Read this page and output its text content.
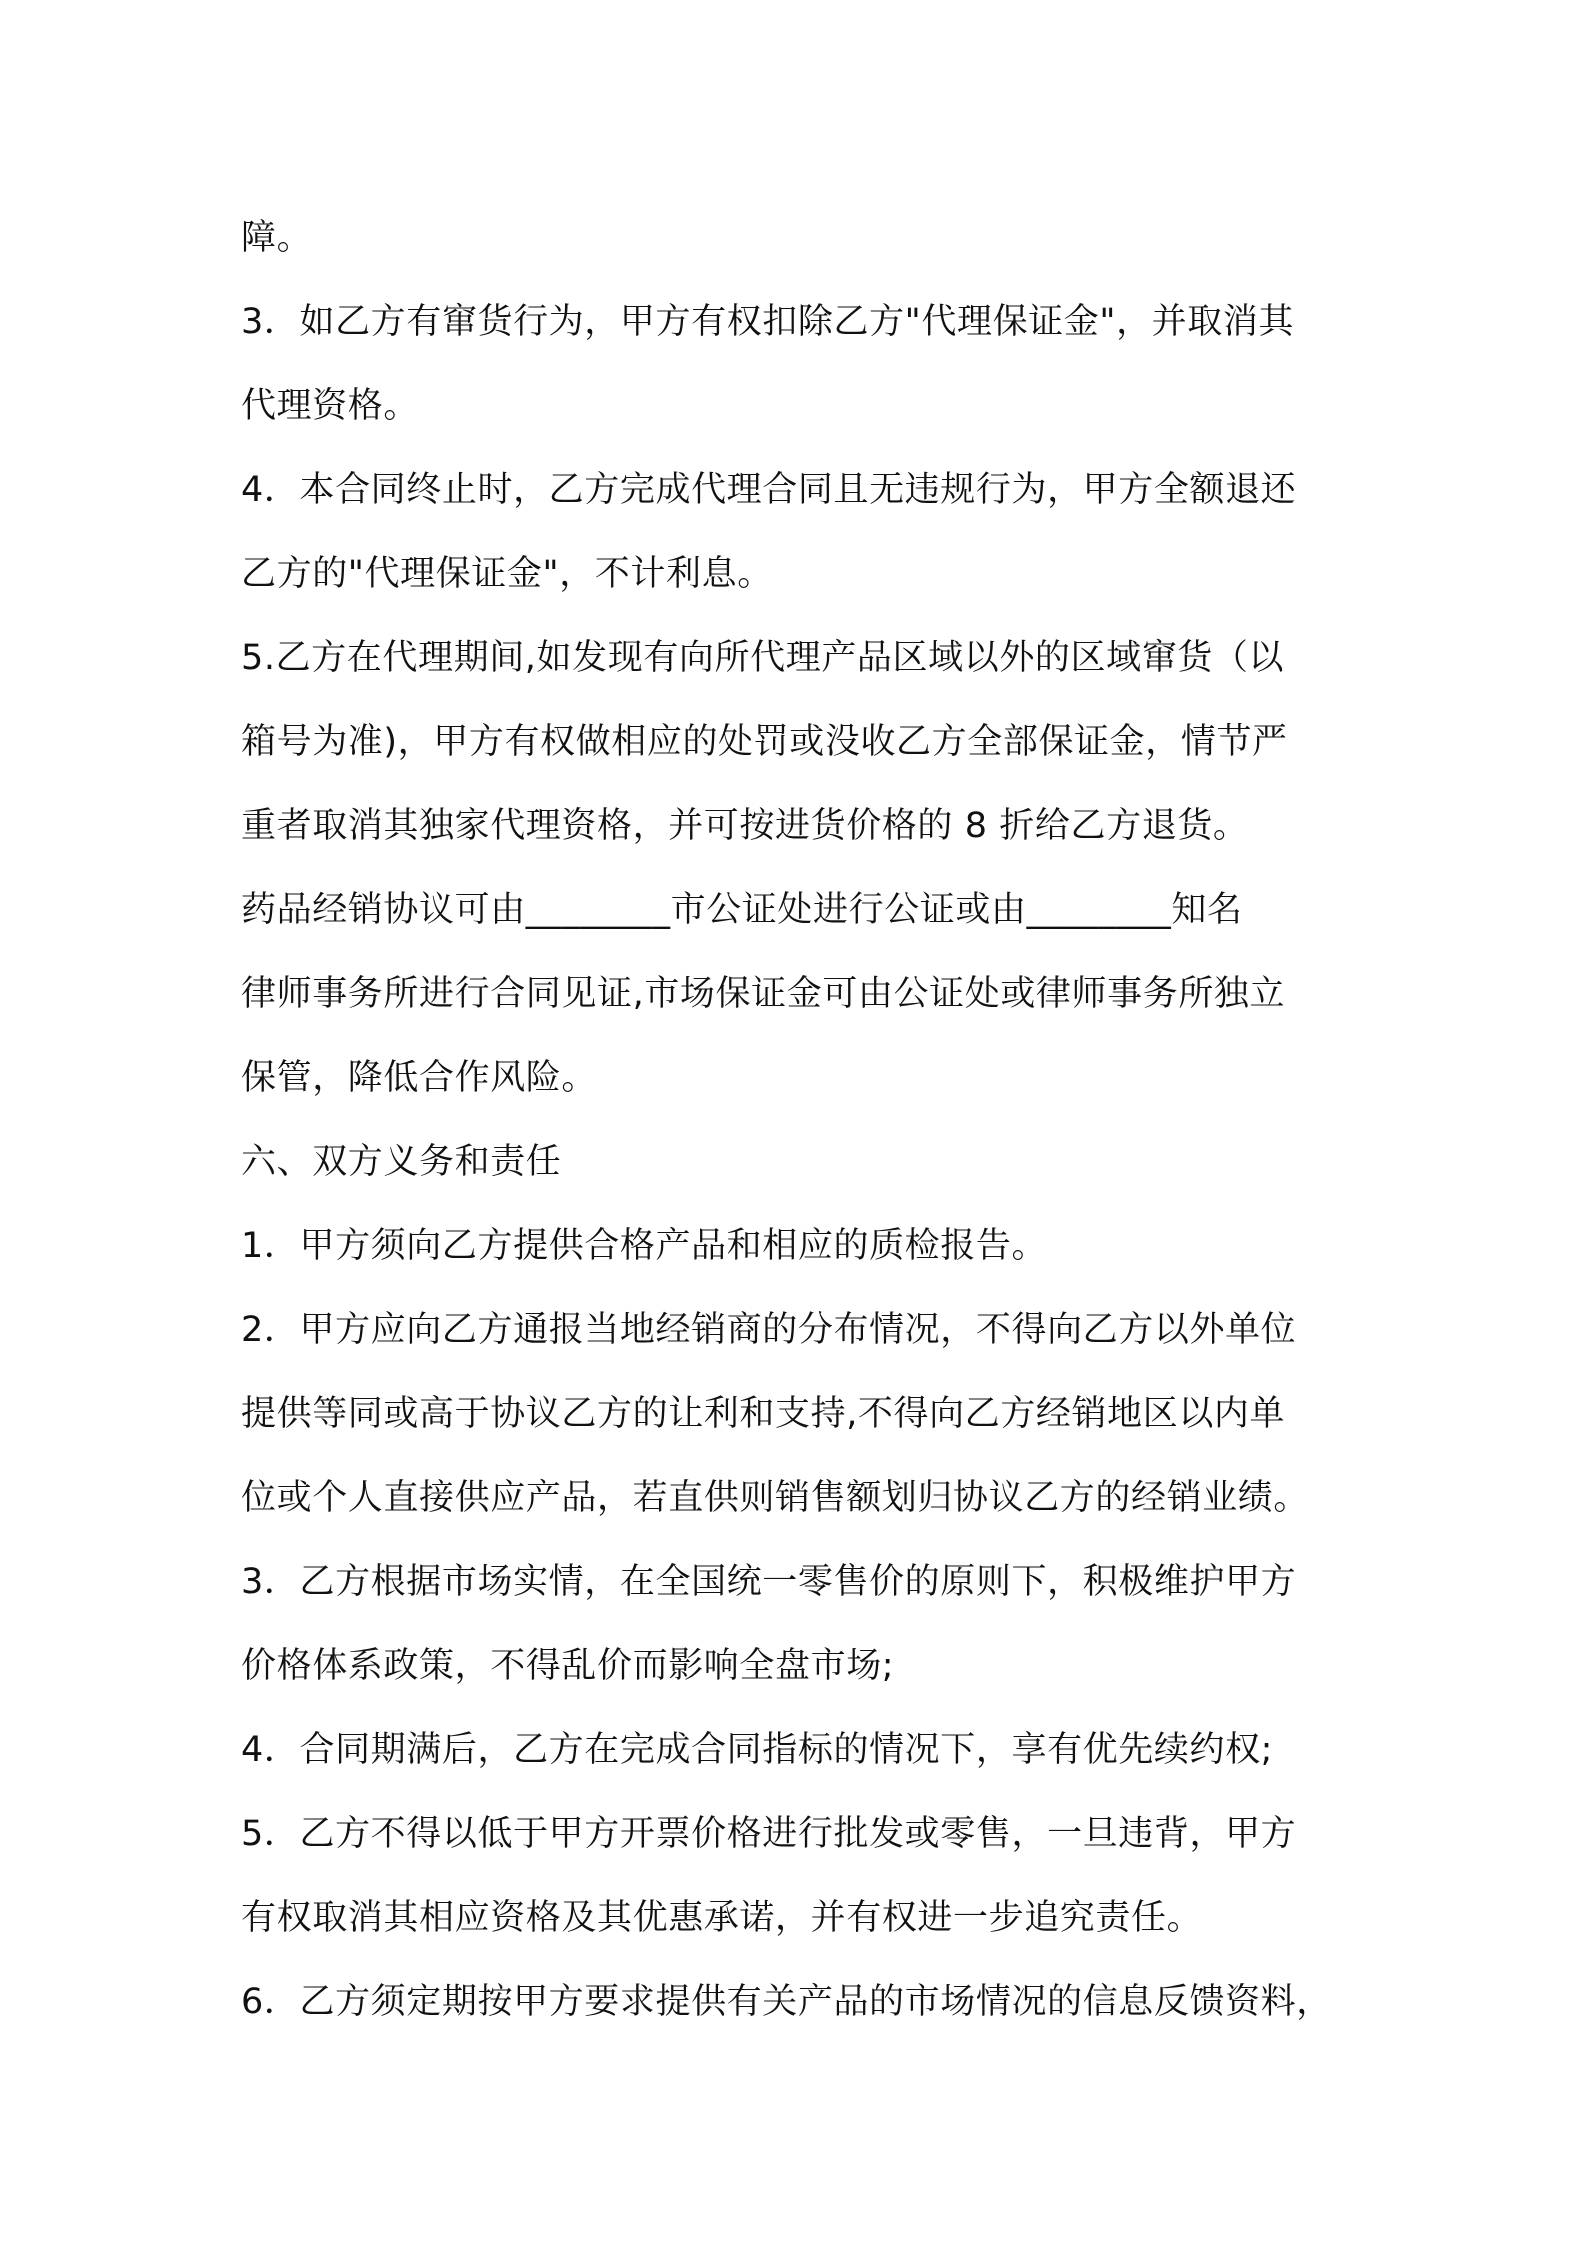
障。
3．如乙方有窜货行为，甲方有权扣除乙方"代理保证金"，并取消其
代理资格。
4．本合同终止时，乙方完成代理合同且无违规行为，甲方全额退还
乙方的"代理保证金"，不计利息。
5.乙方在代理期间,如发现有向所代理产品区域以外的区域窜货（以
箱号为准)，甲方有权做相应的处罚或没收乙方全部保证金，情节严
重者取消其独家代理资格，并可按进货价格的 8 折给乙方退货。
药品经销协议可由________市公证处进行公证或由________知名
律师事务所进行合同见证,市场保证金可由公证处或律师事务所独立
保管，降低合作风险。
六、双方义务和责任
1．甲方须向乙方提供合格产品和相应的质检报告。
2．甲方应向乙方通报当地经销商的分布情况，不得向乙方以外单位
提供等同或高于协议乙方的让利和支持,不得向乙方经销地区以内单
位或个人直接供应产品，若直供则销售额划归协议乙方的经销业绩。
3．乙方根据市场实情，在全国统一零售价的原则下，积极维护甲方
价格体系政策，不得乱价而影响全盘市场;
4．合同期满后，乙方在完成合同指标的情况下，享有优先续约权;
5．乙方不得以低于甲方开票价格进行批发或零售，一旦违背，甲方
有权取消其相应资格及其优惠承诺，并有权进一步追究责任。
6．乙方须定期按甲方要求提供有关产品的市场情况的信息反馈资料，
